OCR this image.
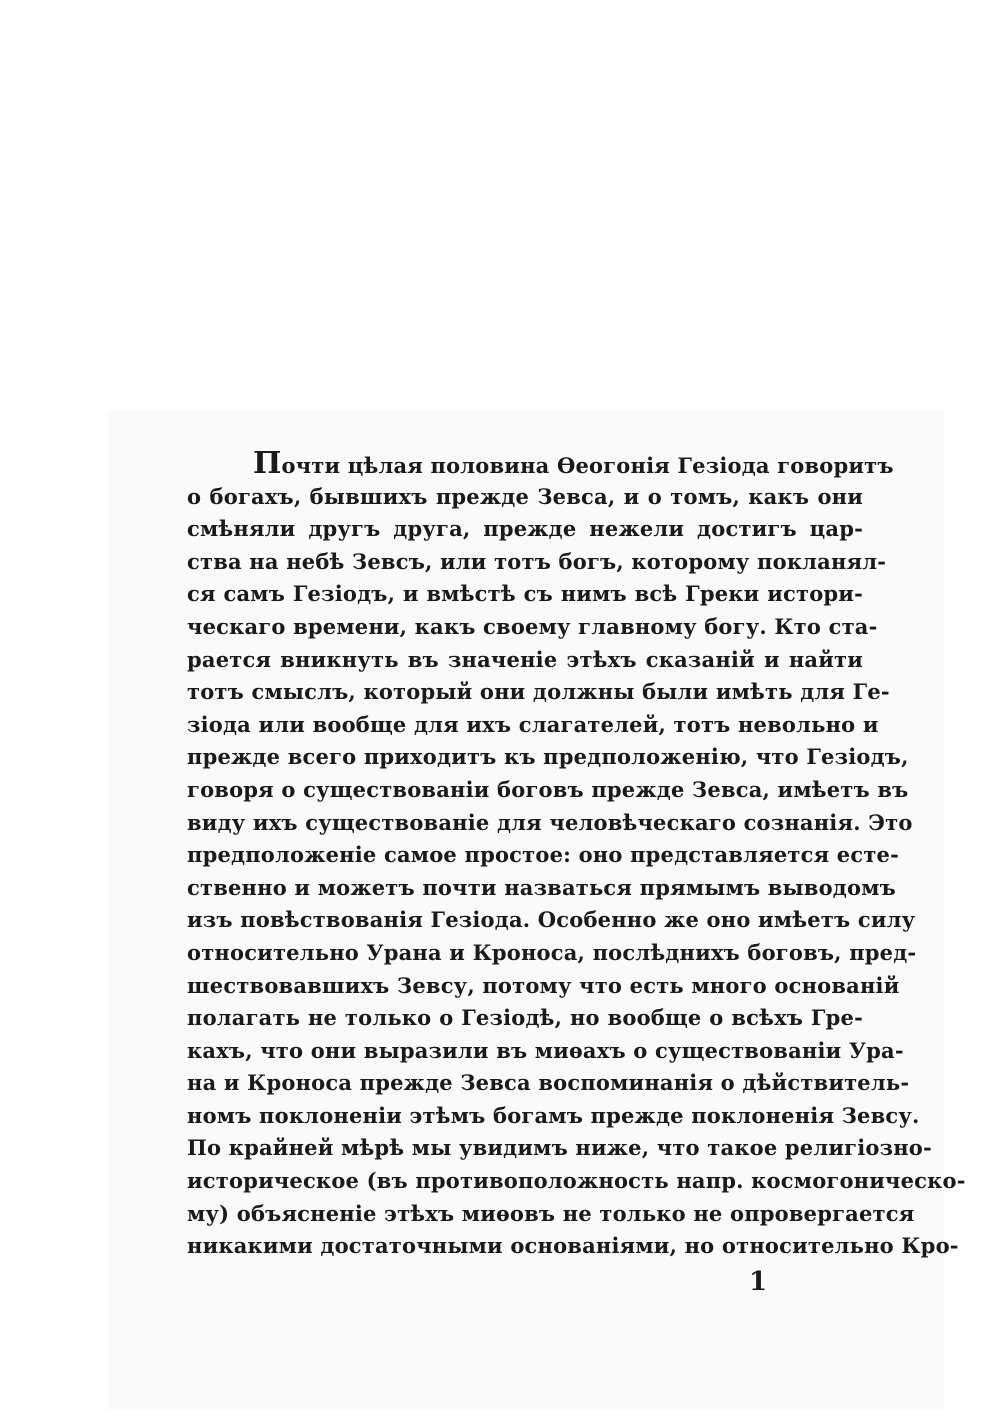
Почти цѣлая половина Өеогонія Гезіода говоритъ
о богахъ, бывшихъ прежде Зевса, и о томъ, какъ они
смѣняли другъ друга, прежде нежели достигъ цар-
ства на небѣ Зевсъ, или тотъ богъ, которому покланял-
ся самъ Гезіодъ, и вмѣстѣ съ нимъ всѣ Греки истори-
ческаго времени, какъ своему главному богу. Кто ста-
рается вникнуть въ значеніе этѣхъ сказаній и найти
тотъ смыслъ, который они должны были имѣть для Ге-
зіода или вообще для ихъ слагателей, тотъ невольно и
прежде всего приходитъ къ предположенію, что Гезіодъ,
говоря о существованіи боговъ прежде Зевса, имѣетъ въ
виду ихъ существованіе для человѣческаго сознанія. Это
предположеніе самое простое: оно представляется есте-
ственно и можетъ почти назваться прямымъ выводомъ
изъ повѣствованія Гезіода. Особенно же оно имѣетъ силу
относительно Урана и Кроноса, послѣднихъ боговъ, пред-
шествовавшихъ Зевсу, потому что есть много основаній
полагать не только о Гезіодѣ, но вообще о всѣхъ Гре-
кахъ, что они выразили въ миѳахъ о существованіи Ура-
на и Кроноса прежде Зевса воспоминанія о дѣйствитель-
номъ поклоненіи этѣмъ богамъ прежде поклоненія Зевсу.
По крайней мѣрѣ мы увидимъ ниже, что такое религіозно-
историческое (въ противоположность напр. космогоническо-
му) объясненіе этѣхъ миѳовъ не только не опровергается
никакими достаточными основаніями, но относительно Кро-
1
